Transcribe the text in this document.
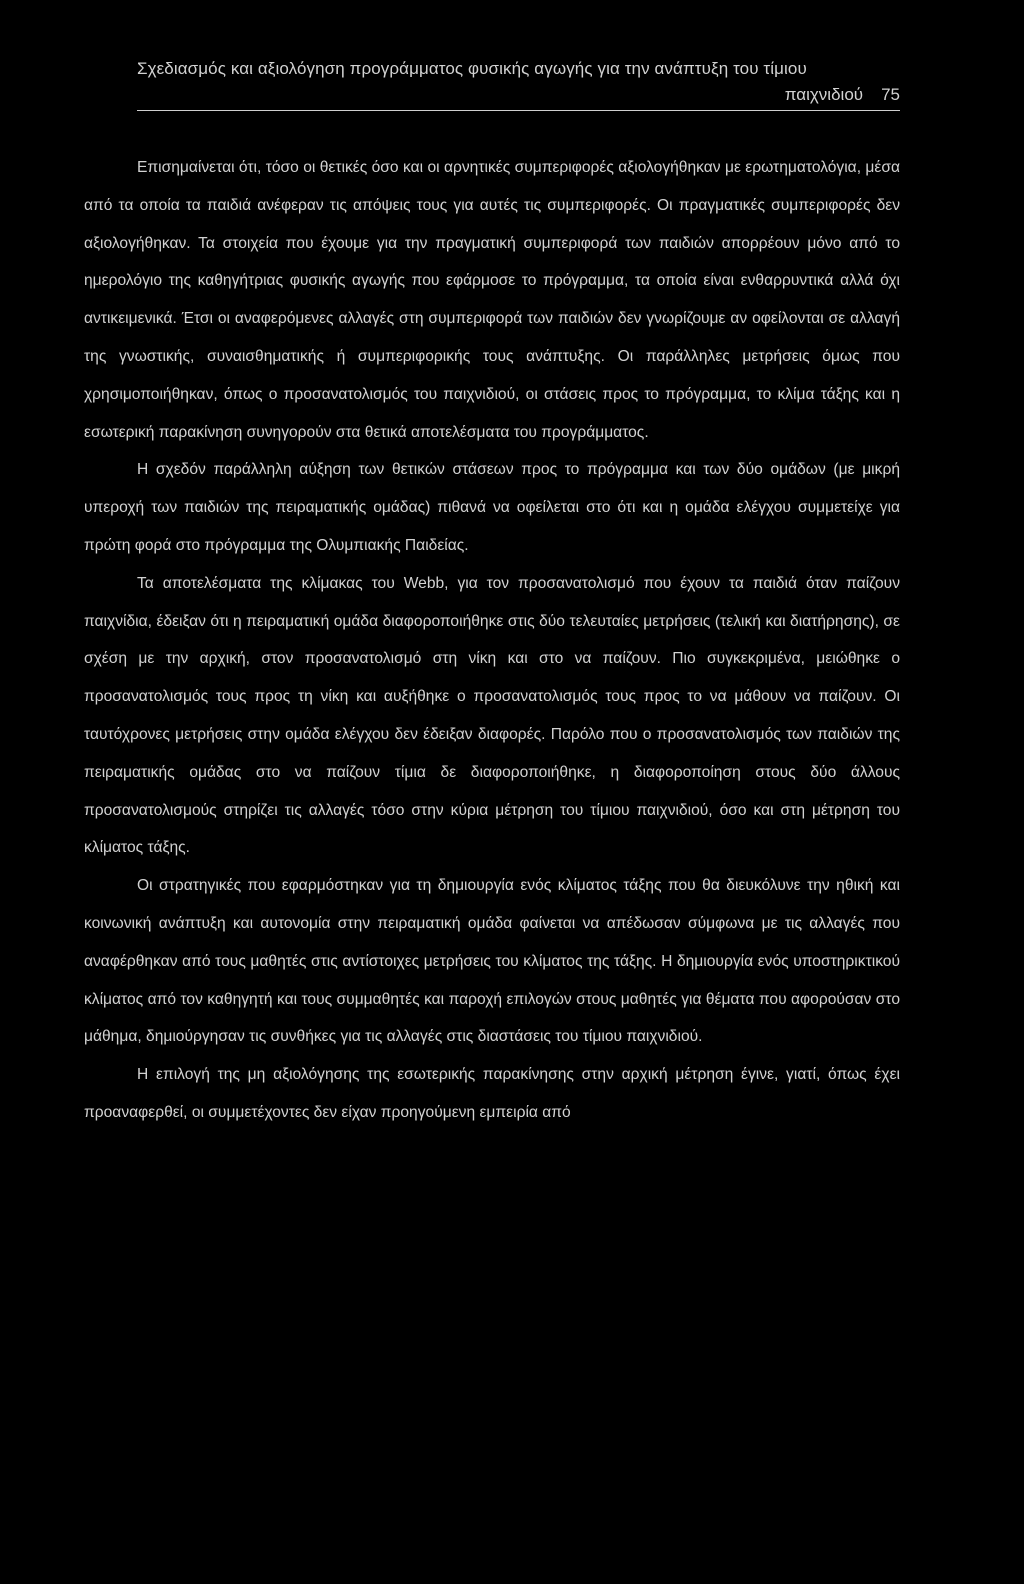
Σχεδιασμός και αξιολόγηση προγράμματος φυσικής αγωγής για την ανάπτυξη του τίμιου

παιχνιδιού 75

Επισημαίνεται ότι, τόσο οι θετικές όσο και οι αρνητικές συμπεριφορές αξιολογήθηκαν με ερωτηματολόγια, μέσα από τα οποία τα παιδιά ανέφεραν τις απόψεις τους για αυτές τις συμπεριφορές. Οι πραγματικές συμπεριφορές δεν αξιολογήθηκαν. Τα στοιχεία που έχουμε για την πραγματική συμπεριφορά των παιδιών απορρέουν μόνο από το ημερολόγιο της καθηγήτριας φυσικής αγωγής που εφάρμοσε το πρόγραμμα, τα οποία είναι ενθαρρυντικά αλλά όχι αντικειμενικά. Έτσι οι αναφερόμενες αλλαγές στη συμπεριφορά των παιδιών δεν γνωρίζουμε αν οφείλονται σε αλλαγή της γνωστικής, συναισθηματικής ή συμπεριφορικής τους ανάπτυξης. Οι παράλληλες μετρήσεις όμως που χρησιμοποιήθηκαν, όπως ο προσανατολισμός του παιχνιδιού, οι στάσεις προς το πρόγραμμα, το κλίμα τάξης και η εσωτερική παρακίνηση συνηγορούν στα θετικά αποτελέσματα του προγράμματος.

Η σχεδόν παράλληλη αύξηση των θετικών στάσεων προς το πρόγραμμα και των δύο ομάδων (με μικρή υπεροχή των παιδιών της πειραματικής ομάδας) πιθανά να οφείλεται στο ότι και η ομάδα ελέγχου συμμετείχε για πρώτη φορά στο πρόγραμμα της Ολυμπιακής Παιδείας.

Τα αποτελέσματα της κλίμακας του Webb, για τον προσανατολισμό που έχουν τα παιδιά όταν παίζουν παιχνίδια, έδειξαν ότι η πειραματική ομάδα διαφοροποιήθηκε στις δύο τελευταίες μετρήσεις (τελική και διατήρησης), σε σχέση με την αρχική, στον προσανατολισμό στη νίκη και στο να παίζουν. Πιο συγκεκριμένα, μειώθηκε ο προσανατολισμός τους προς τη νίκη και αυξήθηκε ο προσανατολισμός τους προς το να μάθουν να παίζουν. Οι ταυτόχρονες μετρήσεις στην ομάδα ελέγχου δεν έδειξαν διαφορές. Παρόλο που ο προσανατολισμός των παιδιών της πειραματικής ομάδας στο να παίζουν τίμια δε διαφοροποιήθηκε, η διαφοροποίηση στους δύο άλλους προσανατολισμούς στηρίζει τις αλλαγές τόσο στην κύρια μέτρηση του τίμιου παιχνιδιού, όσο και στη μέτρηση του κλίματος τάξης.

Οι στρατηγικές που εφαρμόστηκαν για τη δημιουργία ενός κλίματος τάξης που θα διευκόλυνε την ηθική και κοινωνική ανάπτυξη και αυτονομία στην πειραματική ομάδα φαίνεται να απέδωσαν σύμφωνα με τις αλλαγές που αναφέρθηκαν από τους μαθητές στις αντίστοιχες μετρήσεις του κλίματος της τάξης. Η δημιουργία ενός υποστηρικτικού κλίματος από τον καθηγητή και τους συμμαθητές και παροχή επιλογών στους μαθητές για θέματα που αφορούσαν στο μάθημα, δημιούργησαν τις συνθήκες για τις αλλαγές στις διαστάσεις του τίμιου παιχνιδιού.

Η επιλογή της μη αξιολόγησης της εσωτερικής παρακίνησης στην αρχική μέτρηση έγινε, γιατί, όπως έχει προαναφερθεί, οι συμμετέχοντες δεν είχαν προηγούμενη εμπειρία από
